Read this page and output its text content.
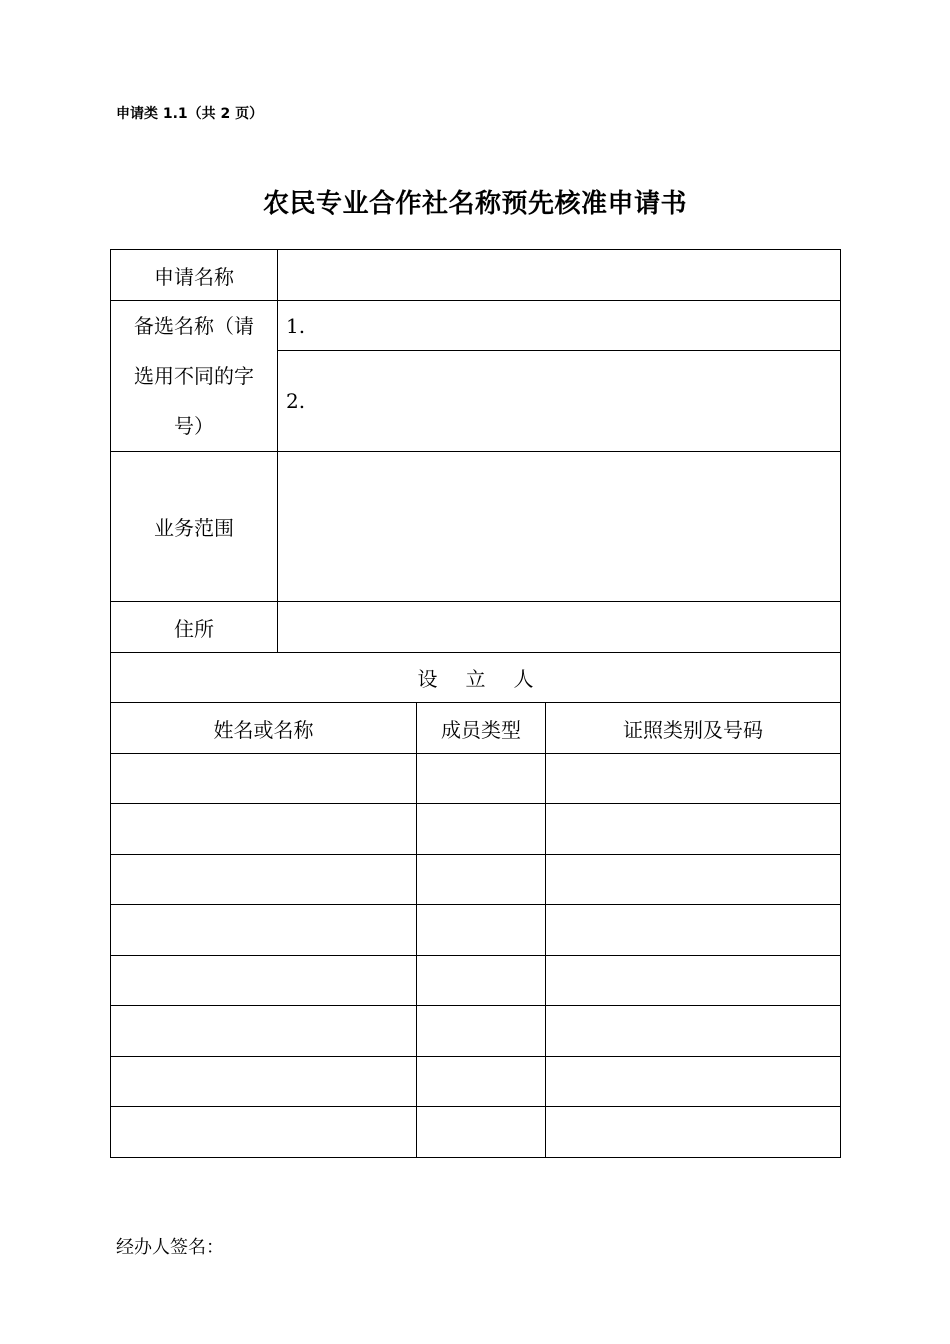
申请类 1.1（共 2 页）
农民专业合作社名称预先核准申请书
申请名称			

备选名称（请
选用不同的字
号）	1.		
	2.		
业务范围			
住所			
设 立 人			
姓名或名称		成员类型	证照类别及号码

经办人签名：
